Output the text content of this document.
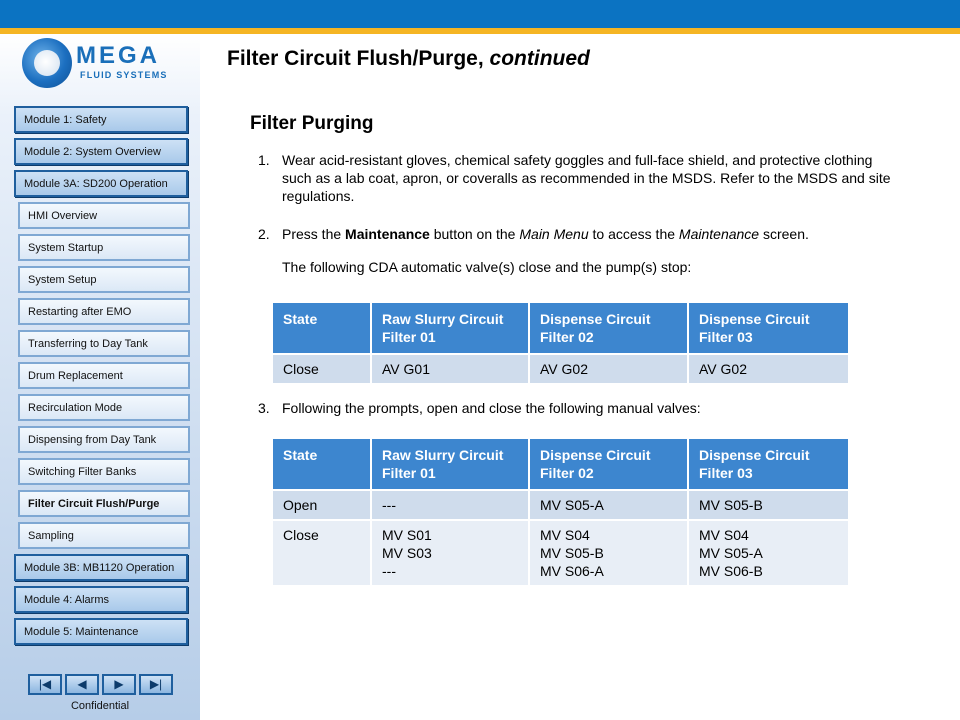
MEGA
FLUID SYSTEMS
Module 1: Safety
Module 2: System Overview
Module 3A: SD200 Operation
HMI Overview
System Startup
System Setup
Restarting after EMO
Transferring to Day Tank
Drum Replacement
Recirculation Mode
Dispensing from Day Tank
Switching Filter Banks
Filter Circuit Flush/Purge
Sampling
Module 3B: MB1120 Operation
Module 4: Alarms
Module 5: Maintenance
|◀	◀	▶	▶|
Confidential
Filter Circuit Flush/Purge, continued
Filter Purging
1. Wear acid-resistant gloves, chemical safety goggles and full-face shield, and protective clothing such as a lab coat, apron, or coveralls as recommended in the MSDS. Refer to the MSDS and site regulations.
2. Press the Maintenance button on the Main Menu to access the Maintenance screen.
The following CDA automatic valve(s) close and the pump(s) stop:
State	Raw Slurry Circuit Filter 01	Dispense Circuit Filter 02	Dispense Circuit Filter 03
Close	AV G01	AV G02	AV G02
3. Following the prompts, open and close the following manual valves:
State	Raw Slurry Circuit Filter 01	Dispense Circuit Filter 02	Dispense Circuit Filter 03
Open	---	MV S05-A	MV S05-B
Close	MV S01
MV S03
---	MV S04
MV S05-B
MV S06-A	MV S04
MV S05-A
MV S06-B
